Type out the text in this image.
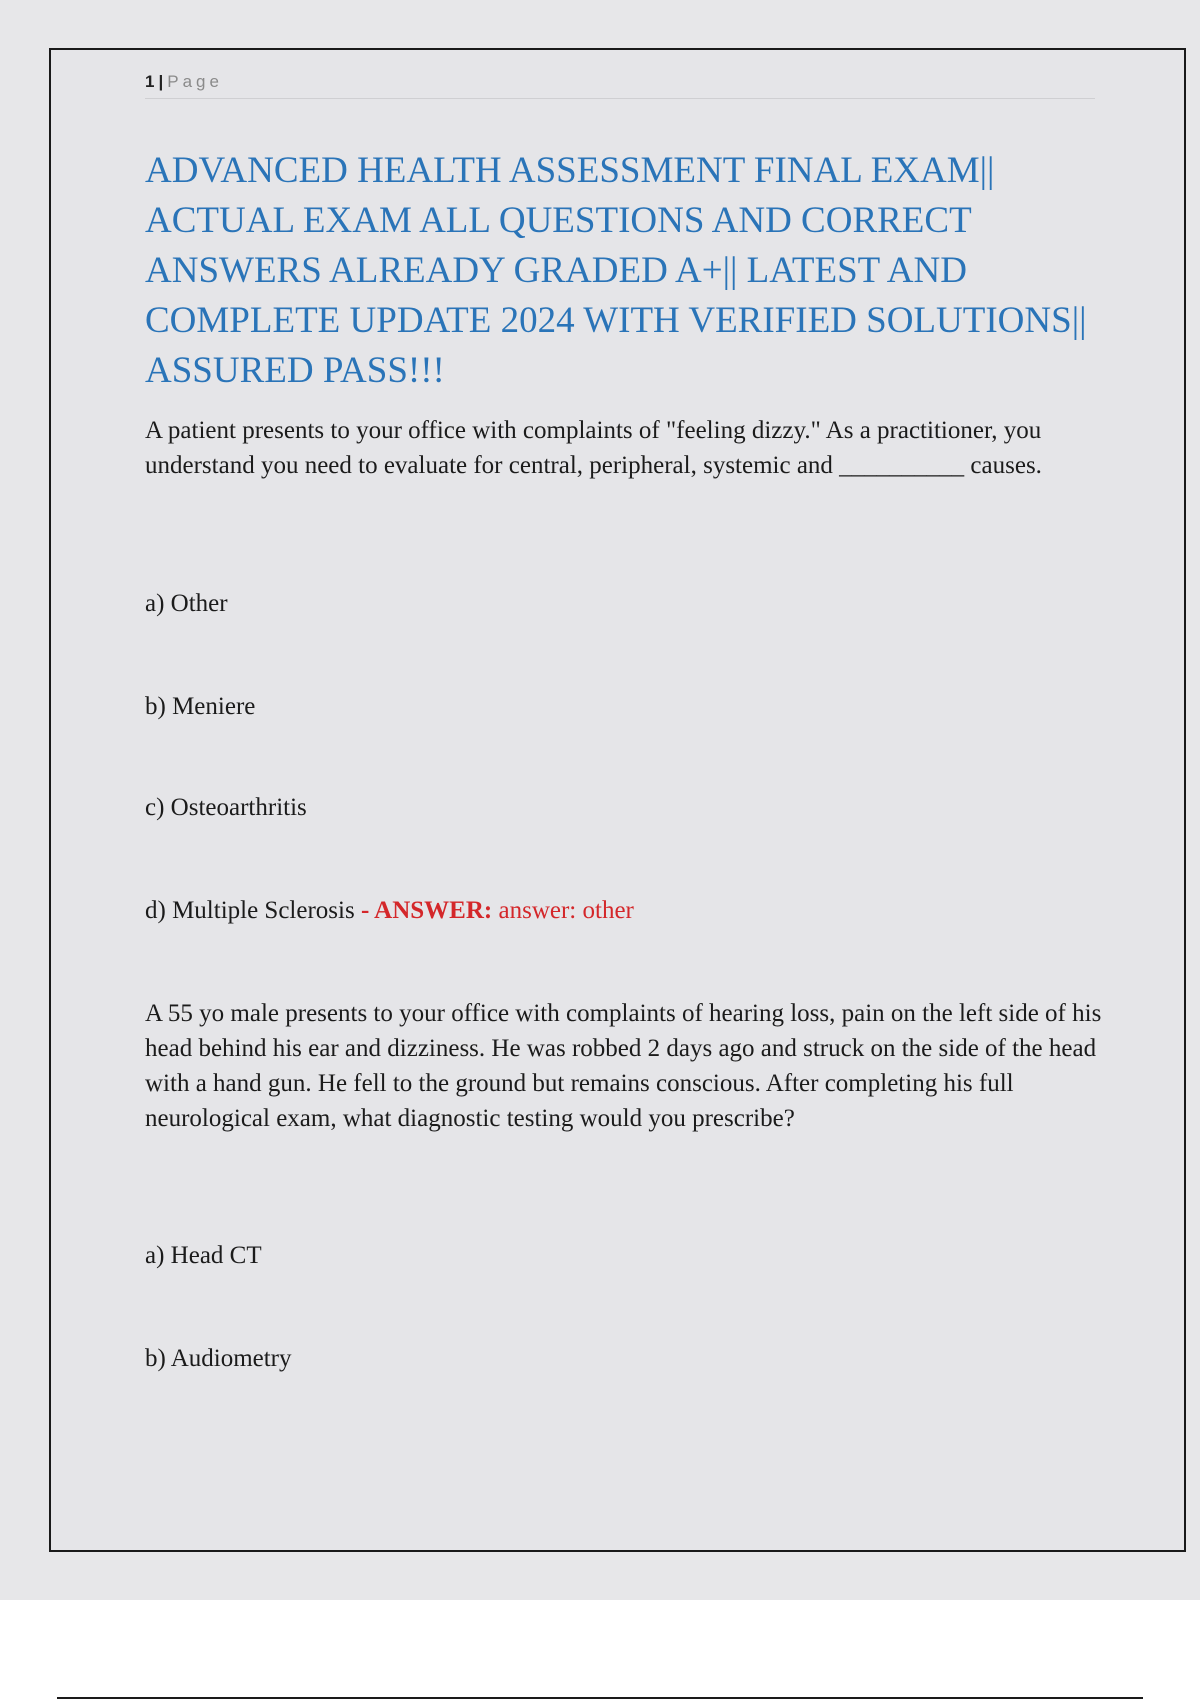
1 | Page
ADVANCED HEALTH ASSESSMENT FINAL EXAM|| ACTUAL EXAM ALL QUESTIONS AND CORRECT ANSWERS ALREADY GRADED A+|| LATEST AND COMPLETE UPDATE 2024 WITH VERIFIED SOLUTIONS|| ASSURED PASS!!!

A patient presents to your office with complaints of "feeling dizzy." As a practitioner, you understand you need to evaluate for central, peripheral, systemic and __________ causes.

a) Other

b) Meniere

c) Osteoarthritis

d) Multiple Sclerosis - ANSWER: answer: other

A 55 yo male presents to your office with complaints of hearing loss, pain on the left side of his head behind his ear and dizziness. He was robbed 2 days ago and struck on the side of the head with a hand gun. He fell to the ground but remains conscious. After completing his full neurological exam, what diagnostic testing would you prescribe?

a) Head CT

b) Audiometry
